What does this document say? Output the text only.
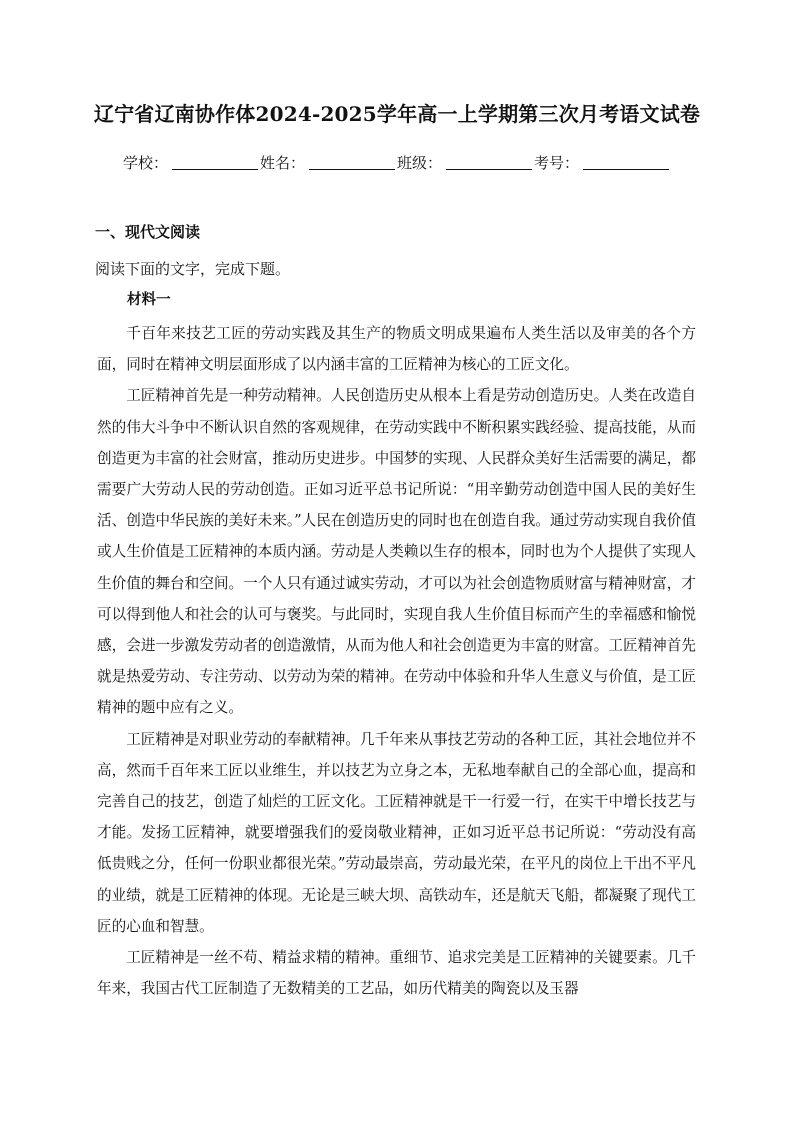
辽宁省辽南协作体2024-2025学年高一上学期第三次月考语文试卷
学校：	姓名：	班级：	考号：
一、现代文阅读
阅读下面的文字，完成下题。
材料一

千百年来技艺工匠的劳动实践及其生产的物质文明成果遍布人类生活以及审美的各个方面，同时在精神文明层面形成了以内涵丰富的工匠精神为核心的工匠文化。

工匠精神首先是一种劳动精神。人民创造历史从根本上看是劳动创造历史。人类在改造自然的伟大斗争中不断认识自然的客观规律，在劳动实践中不断积累实践经验、提高技能，从而创造更为丰富的社会财富，推动历史进步。中国梦的实现、人民群众美好生活需要的满足，都需要广大劳动人民的劳动创造。正如习近平总书记所说：“用辛勤劳动创造中国人民的美好生活、创造中华民族的美好未来。”人民在创造历史的同时也在创造自我。通过劳动实现自我价值或人生价值是工匠精神的本质内涵。劳动是人类赖以生存的根本，同时也为个人提供了实现人生价值的舞台和空间。一个人只有通过诚实劳动，才可以为社会创造物质财富与精神财富，才可以得到他人和社会的认可与褒奖。与此同时，实现自我人生价值目标而产生的幸福感和愉悦感，会进一步激发劳动者的创造激情，从而为他人和社会创造更为丰富的财富。工匠精神首先就是热爱劳动、专注劳动、以劳动为荣的精神。在劳动中体验和升华人生意义与价值，是工匠精神的题中应有之义。

工匠精神是对职业劳动的奉献精神。几千年来从事技艺劳动的各种工匠，其社会地位并不高，然而千百年来工匠以业维生，并以技艺为立身之本，无私地奉献自己的全部心血，提高和完善自己的技艺，创造了灿烂的工匠文化。工匠精神就是干一行爱一行，在实干中增长技艺与才能。发扬工匠精神，就要增强我们的爱岗敬业精神，正如习近平总书记所说：“劳动没有高低贵贱之分，任何一份职业都很光荣。”劳动最崇高，劳动最光荣，在平凡的岗位上干出不平凡的业绩，就是工匠精神的体现。无论是三峡大坝、高铁动车，还是航天飞船，都凝聚了现代工匠的心血和智慧。

工匠精神是一丝不苟、精益求精的精神。重细节、追求完美是工匠精神的关键要素。几千年来，我国古代工匠制造了无数精美的工艺品，如历代精美的陶瓷以及玉器
